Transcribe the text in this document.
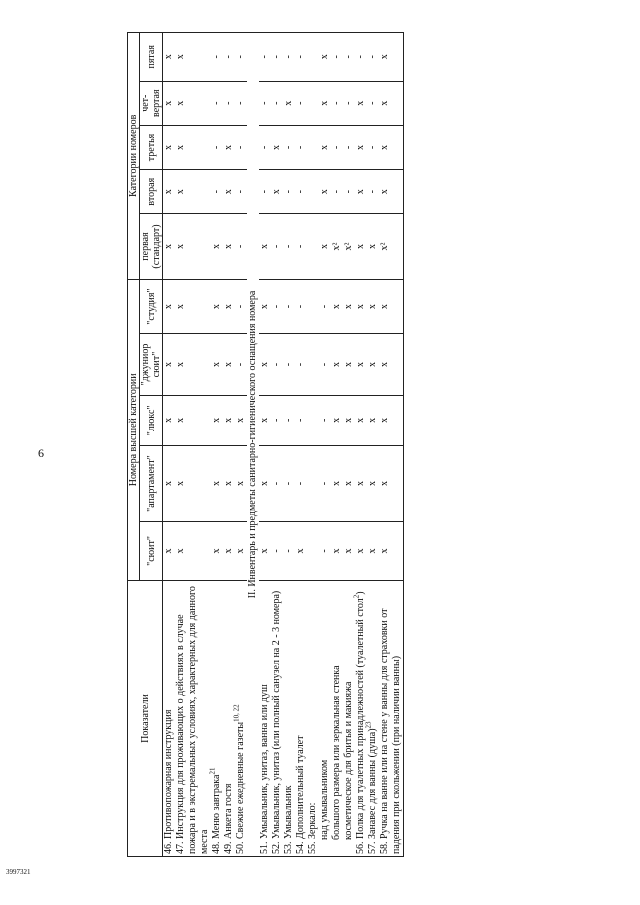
6
3997321
Показатели	Номера высшей категории					Категории номеров				
	"сюит"	"апартамент"	"люкс"	"джуниор сюит"	"студия"	первая (стандарт)	вторая	третья	чет-вертая	пятая
46. Противопожарная инструкция	x	x	x	x	x	x	x	x	x	x
47. Инструкция для проживающих о действиях в случае пожара и в экстремальных условиях, характерных для данного места	x	x	x	x	x	x	x	x	x	x
48. Меню завтрака$^{21}$	x	x	x	x	x	x	-	-	-	-
49. Анкета гостя	x	x	x	x	x	x	x	x	-	-
50. Свежие ежедневные газеты$^{10, 22}$	x	x	x	-	-	-	-	-	-	-
II. Инвентарь и предметы санитарно-гигиенического оснащения номера										
51. Умывальник, унитаз, ванна или душ	x	x	x	x	x	x	-	-	-	-
52. Умывальник, унитаз (или полный санузел на 2 - 3 номера)	-	-	-	-	-	-	x	x	-	-
53. Умывальник	-	-	-	-	-	-	-	-	x	-
54. Дополнительный туалет	x	-	-	-	-	-	-	-	-	-
55. Зеркало:										
над умывальником	-	-	-	-	-	x	x	x	x	x
большого размера или зеркальная стенка	x	x	x	x	x	x²	-	-	-	-
косметическое для бритья и макияжа	x	x	x	x	x	x²	-	-	-	-
56. Полка для туалетных принадлежностей (туалетный стол$^2$)	x	x	x	x	x	x	x	x	x	-
57. Занавес для ванны (душа)$^{23}$	x	x	x	x	x	x	-	-	-	-
58. Ручка на ванне или на стене у ванны для страховки от падения при скольжении (при наличии ванны)	x	x	x	x	x	x²	x	x	x	x
